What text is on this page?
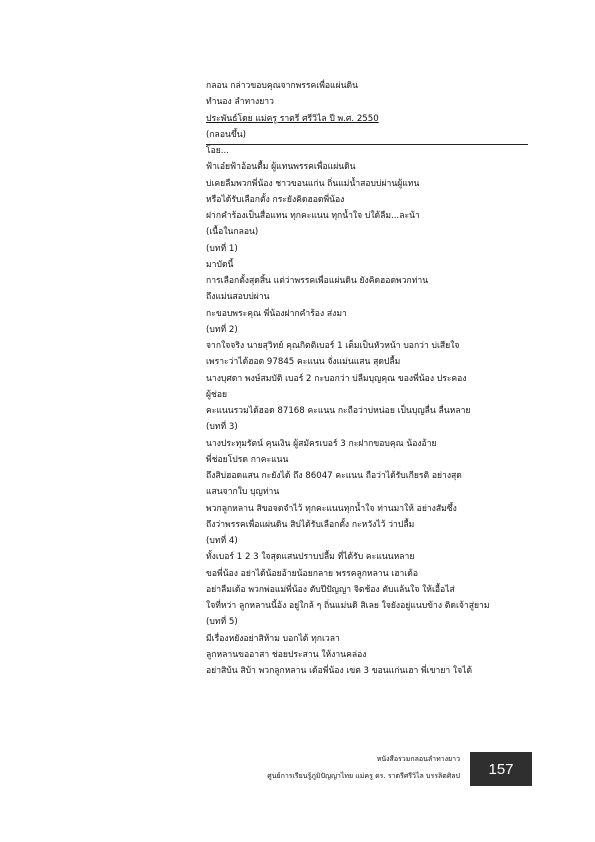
กลอน กล่าวขอบคุณจากพรรคเพื่อแผ่นดิน
ทำนอง ลำทางยาว
ประพันธ์โดย แม่ครู ราตรี ศรีวิไล ปี พ.ศ. 2550
(กลอนขึ้น)
โอย...
ฟ้าเอ๋ยฟ้าอ้อนตื้ม ผู้แทนพรรคเพื่อแผ่นดิน
บ่เคยลืมพวกพี่น้อง ชาวขอนแก่น ถิ่นแม่น้ำสอบบ่ผ่านผู้แทน
หรือได้รับเลือกตั้ง กระยังคิดฮอดพี่น้อง
ฝากคำร้องเป็นสื่อแทน ทุกคะแนน ทุกน้ำใจ บ่ใด้ลืม...ละน้า
(เนื้อในกลอน)
(บทที่ 1)
มาบัดนี้
การเลือกตั้งสุดสิ้น แต่ว่าพรรคเพื่อแผ่นดิน ยังคิดฮอดพวกท่าน
ถึงแม่นสอบบ่ผ่าน
กะขอบพระคุณ พี่น้องฝากคำร้อง ส่งมา
(บทที่ 2)
จากใจจริง นายสุวิทย์ คุณกิตติเบอร์ 1 เต็มเป็นหัวหน้า บอกว่า บ่เสียใจ
เพราะว่าได้ฮอด 97845 คะแนน จั่งแม่นแสน สุดปลื้ม
นางบุศดา พงษ์สมบัติ เบอร์ 2 กะบอกว่า บ่ลืมบุญคุณ ของพี่น้อง ประคอง
ผู้ช่อย
คะแนนรวมได้ฮอด 87168 คะแนน กะถือว่าบ่หน่อย เป็นบุญลื่น ลื่นหลาย
(บทที่ 3)
นางประทุมรัตน์ คุนเงิน ผู้สมัครเบอร์ 3 กะฝากขอบคุณ น้องอ้าย
พี่ช่อยโปรด กาคะแนน
ถึงสิบ่ฮอดแสน กะยังได้ ถึง 86047 คะแนน ถือว่าได้รับเกียรติ อย่างสุด
แสนจากใบ บุญท่าน
พวกลูกหลาน สิขอจดจำไว้ ทุกคะแนนทุกน้ำใจ ท่านมาให้ อย่างสัมซึ้ง
ถึงว่าพรรคเพื่อแผ่นดิน สิบ่ได้รับเลือกตั้ง กะหวังไว้ ว่าปลื้ม
(บทที่ 4)
ทั้งเบอร์ 1 2 3 ใจสุดแสนปราบปลื้ม ที่ได้รับ คะแนนหลาย
ขอพี่น้อง อย่าได้น้อยอ้ายน้อยกลาย พรรคลูกหลาน เฮาเด้อ
อย่าลืมเด้อ พวกพ่อแม่พี่น้อง ตับปีปัญญา จิตช้อง ตับแล้นใจ ให้เอื้อไส่
ใจที่หว่า ลูกหลานนี้อ้ง อยู่ใกล้ ๆ ถิ่นแม่นดิ สิเลย ใจยังอยู่แนบข้าง ติดเจ้าสู่ยาม
(บทที่ 5)
มีเรื่องหยังอย่าสิห้าม บอกได้ ทุกเวลา
ลูกหลานขออาสา ช่อยประสาน ให้งานคล่อง
อย่าสิบ้น สิบ้า พวกลูกหลาน เด้อพี่น้อง เขต 3 ขอนแก่นเฮา พี่เขายา ใจได้
หนังสือรวมกลอนลำทางยาว
ศูนย์การเรียนรู้ภูมิปัญญาไทย แม่ครู ดร. ราตรีศรีวิไล บรรลิตศิลป 157
